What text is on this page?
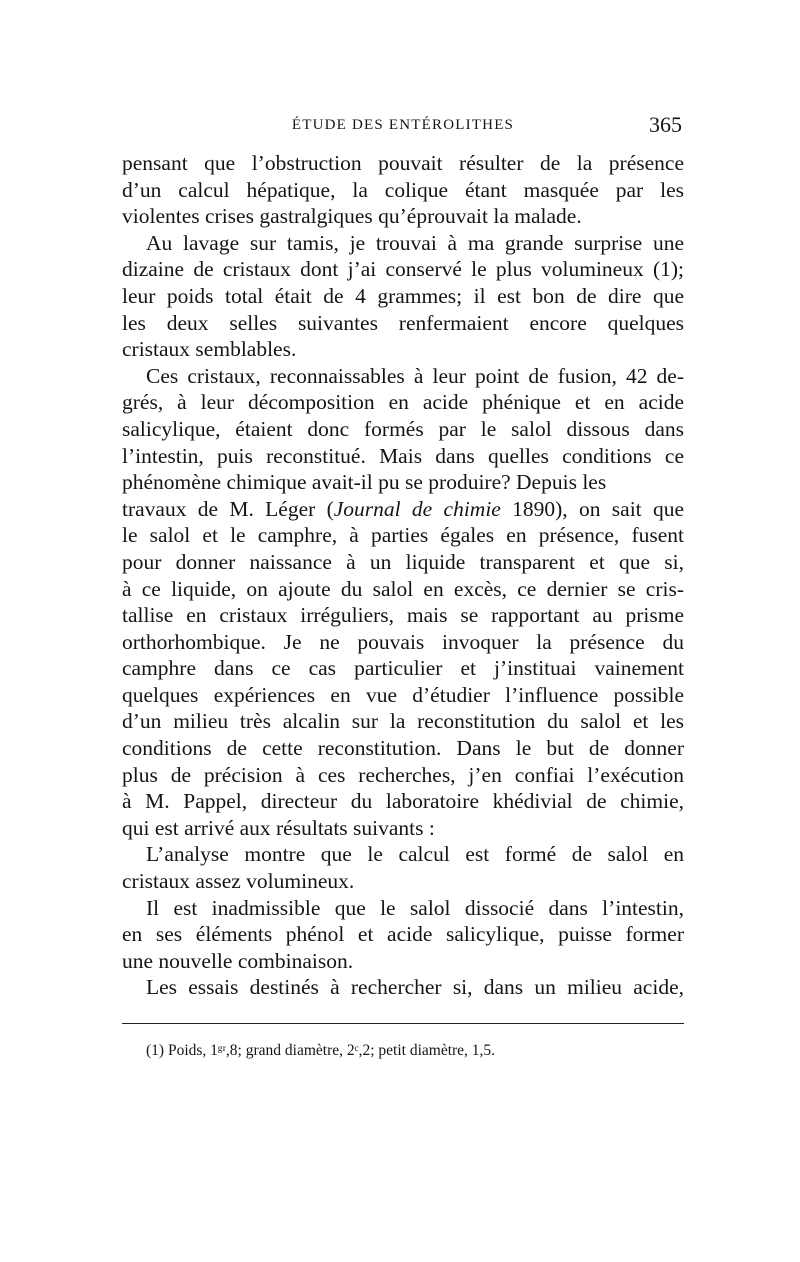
ÉTUDE DES ENTÉROLITHES	365
pensant que l’obstruction pouvait résulter de la présence
d’un calcul hépatique, la colique étant masquée par les
violentes crises gastralgiques qu’éprouvait la malade.
Au lavage sur tamis, je trouvai à ma grande surprise une
dizaine de cristaux dont j’ai conservé le plus volumineux (1);
leur poids total était de 4 grammes; il est bon de dire que
les deux selles suivantes renfermaient encore quelques
cristaux semblables.
Ces cristaux, reconnaissables à leur point de fusion, 42 de-
grés, à leur décomposition en acide phénique et en acide
salicylique, étaient donc formés par le salol dissous dans
l’intestin, puis reconstitué. Mais dans quelles conditions ce
phénomène chimique avait-il pu se produire? Depuis les
travaux de M. Léger (Journal de chimie 1890), on sait que
le salol et le camphre, à parties égales en présence, fusent
pour donner naissance à un liquide transparent et que si,
à ce liquide, on ajoute du salol en excès, ce dernier se cris-
tallise en cristaux irréguliers, mais se rapportant au prisme
orthorhombique. Je ne pouvais invoquer la présence du
camphre dans ce cas particulier et j’instituai vainement
quelques expériences en vue d’étudier l’influence possible
d’un milieu très alcalin sur la reconstitution du salol et les
conditions de cette reconstitution. Dans le but de donner
plus de précision à ces recherches, j’en confiai l’exécution
à M. Pappel, directeur du laboratoire khédivial de chimie,
qui est arrivé aux résultats suivants :
L’analyse montre que le calcul est formé de salol en
cristaux assez volumineux.
Il est inadmissible que le salol dissocié dans l’intestin,
en ses éléments phénol et acide salicylique, puisse former
une nouvelle combinaison.
Les essais destinés à rechercher si, dans un milieu acide,
(1) Poids, 1ᵍʳ,8; grand diamètre, 2ᶜ,2; petit diamètre, 1,5.
